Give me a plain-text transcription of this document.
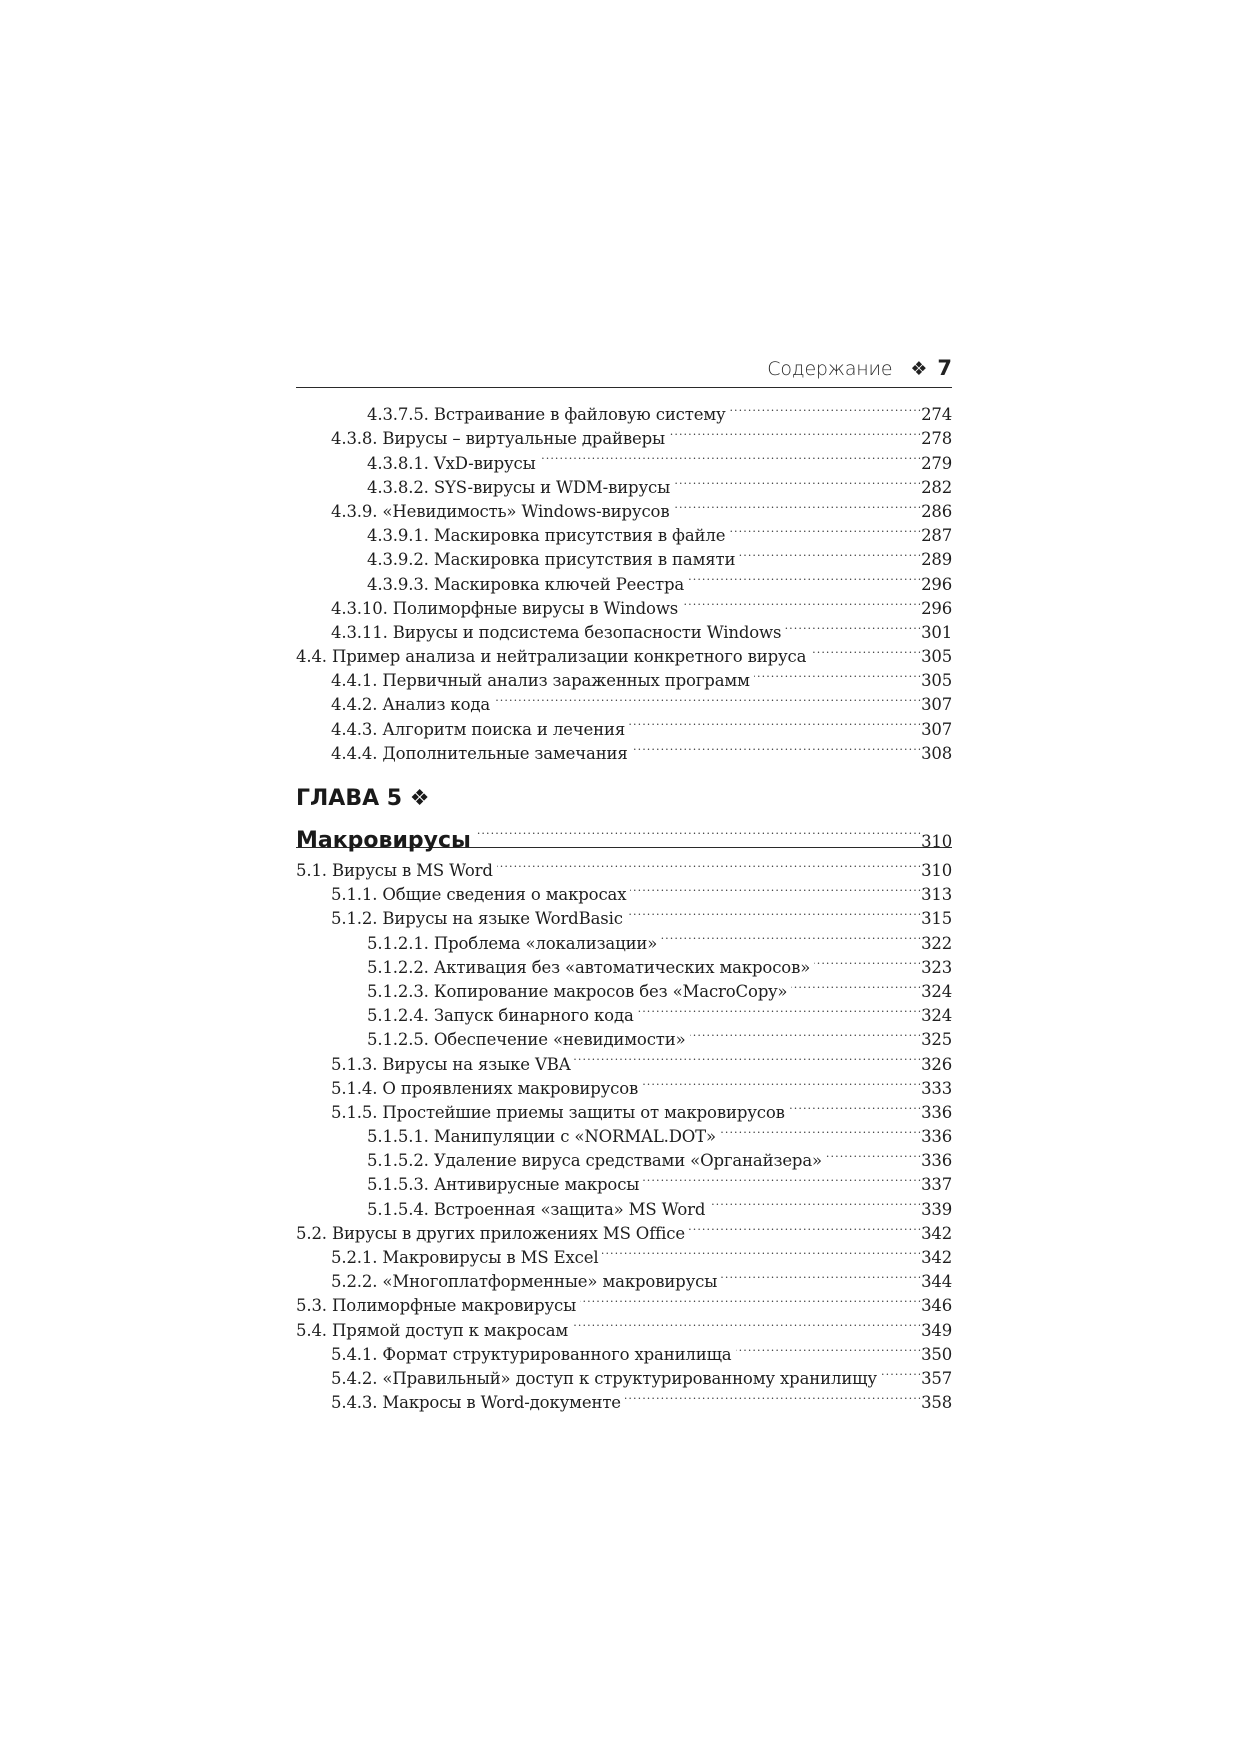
Содержание ❖ 7
4.3.7.5. Встраивание в файловую систему . . .	274
4.3.8. Вирусы – виртуальные драйверы . . .	278
4.3.8.1. VxD-вирусы . . .	279
4.3.8.2. SYS-вирусы и WDM-вирусы . . .	282
4.3.9. «Невидимость» Windows-вирусов . . .	286
4.3.9.1. Маскировка присутствия в файле . . .	287
4.3.9.2. Маскировка присутствия в памяти . . .	289
4.3.9.3. Маскировка ключей Реестра . . .	296
4.3.10. Полиморфные вирусы в Windows . . .	296
4.3.11. Вирусы и подсистема безопасности Windows . . .	301
4.4. Пример анализа и нейтрализации конкретного вируса . . .	305
4.4.1. Первичный анализ зараженных программ . . .	305
4.4.2. Анализ кода . . .	307
4.4.3. Алгоритм поиска и лечения . . .	307
4.4.4. Дополнительные замечания . . .	308
ГЛАВА 5 ❖
Макровирусы . . .	310
5.1. Вирусы в MS Word . . .	310
5.1.1. Общие сведения о макросах . . .	313
5.1.2. Вирусы на языке WordBasic . . .	315
5.1.2.1. Проблема «локализации» . . .	322
5.1.2.2. Активация без «автоматических макросов» . . .	323
5.1.2.3. Копирование макросов без «MacroCopy» . . .	324
5.1.2.4. Запуск бинарного кода . . .	324
5.1.2.5. Обеспечение «невидимости» . . .	325
5.1.3. Вирусы на языке VBA . . .	326
5.1.4. О проявлениях макровирусов . . .	333
5.1.5. Простейшие приемы защиты от макровирусов . . .	336
5.1.5.1. Манипуляции с «NORMAL.DOT» . . .	336
5.1.5.2. Удаление вируса средствами «Органайзера» . . .	336
5.1.5.3. Антивирусные макросы . . .	337
5.1.5.4. Встроенная «защита» MS Word . . .	339
5.2. Вирусы в других приложениях MS Office . . .	342
5.2.1. Макровирусы в MS Excel . . .	342
5.2.2. «Многоплатформенные» макровирусы . . .	344
5.3. Полиморфные макровирусы . . .	346
5.4. Прямой доступ к макросам . . .	349
5.4.1. Формат структурированного хранилища . . .	350
5.4.2. «Правильный» доступ к структурированному хранилищу . . .	357
5.4.3. Макросы в Word-документе . . .	358
